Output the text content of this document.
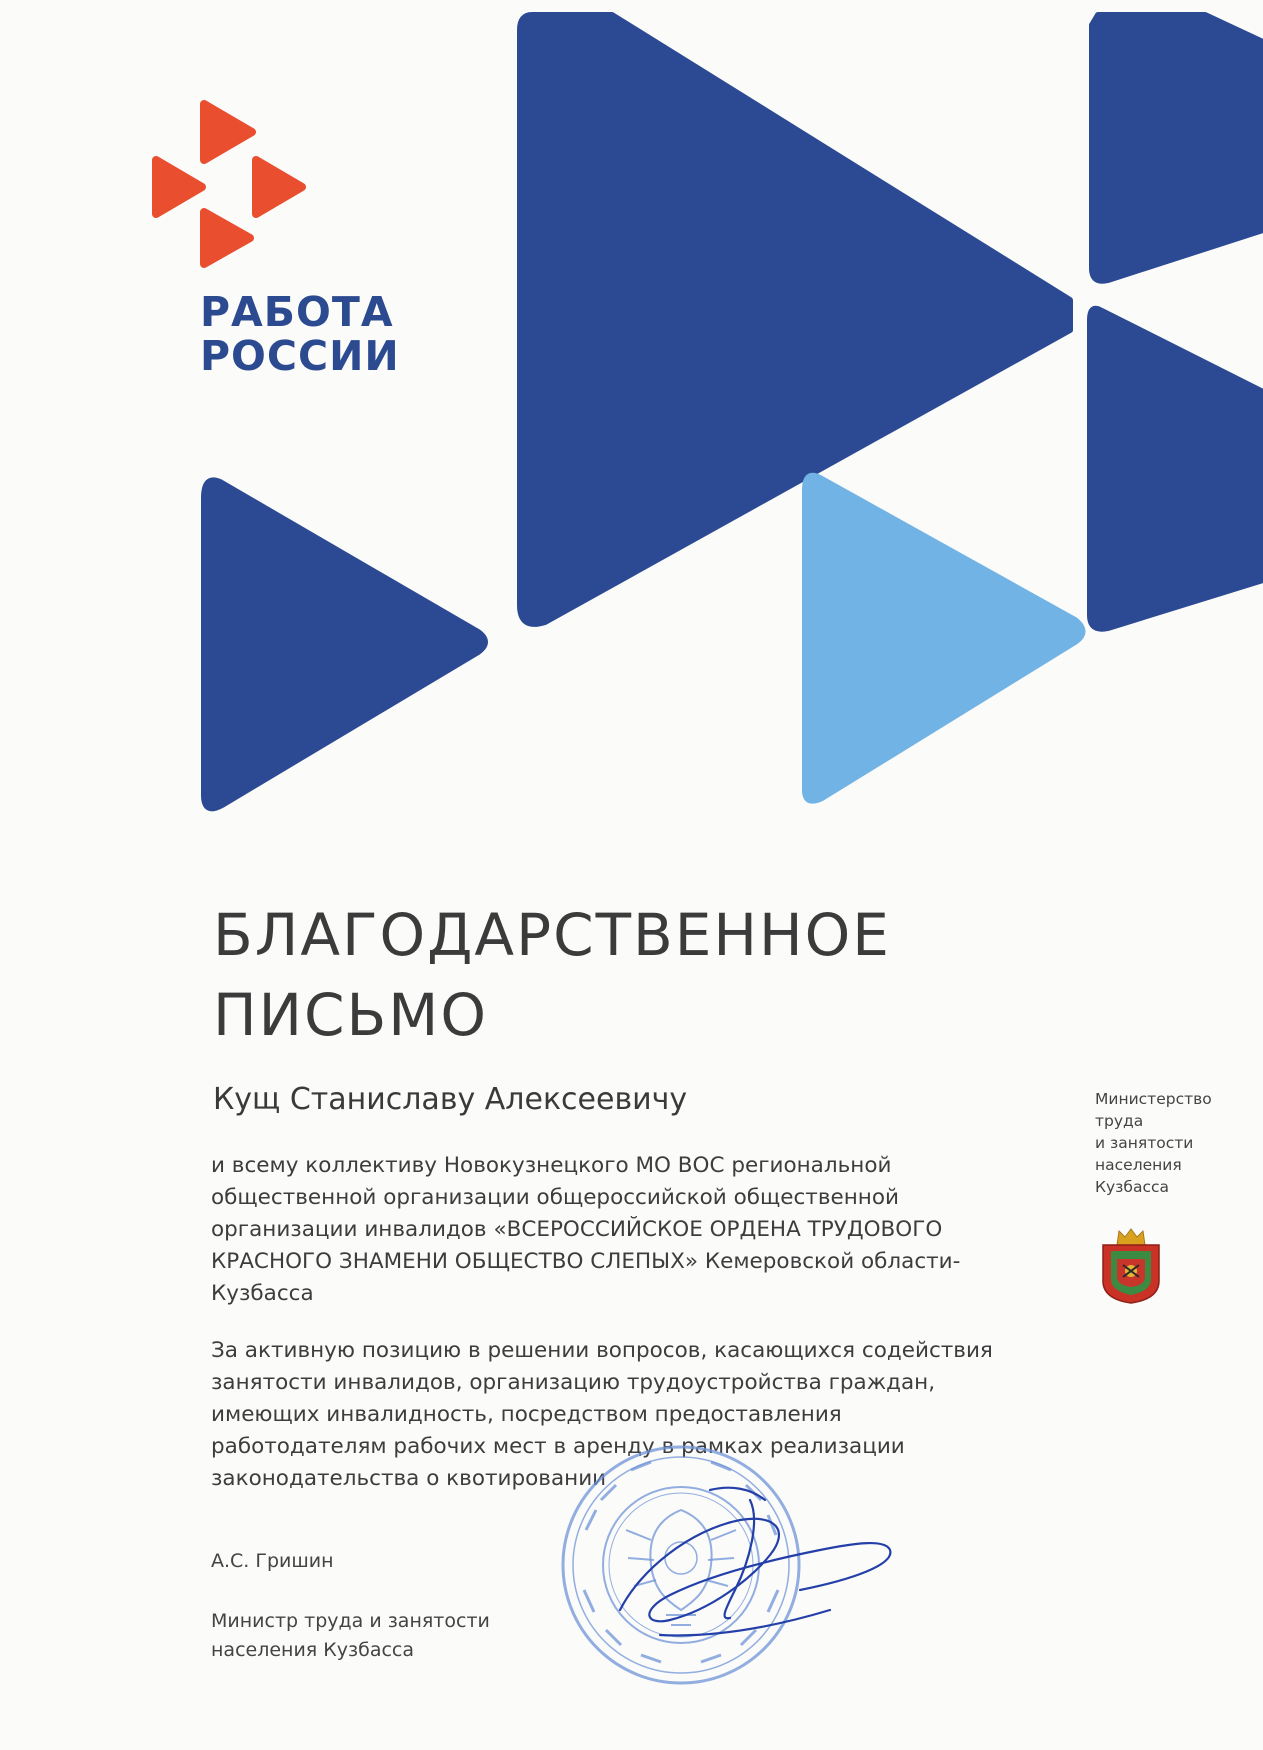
РАБОТА
РОССИИ
БЛАГОДАРСТВЕННОЕ
ПИСЬМО
Кущ Станиславу Алексеевичу
и всему коллективу Новокузнецкого МО ВОС региональной
общественной организации общероссийской общественной
организации инвалидов «ВСЕРОССИЙСКОЕ ОРДЕНА ТРУДОВОГО
КРАСНОГО ЗНАМЕНИ ОБЩЕСТВО СЛЕПЫХ» Кемеровской области-
Кузбасса
За активную позицию в решении вопросов, касающихся содействия
занятости инвалидов, организацию трудоустройства граждан,
имеющих инвалидность, посредством предоставления
работодателям рабочих мест в аренду в рамках реализации
законодательства о квотировании
А.С. Гришин
Министр труда и занятости
населения Кузбасса
Министерство
труда
и занятости
населения
Кузбасса
